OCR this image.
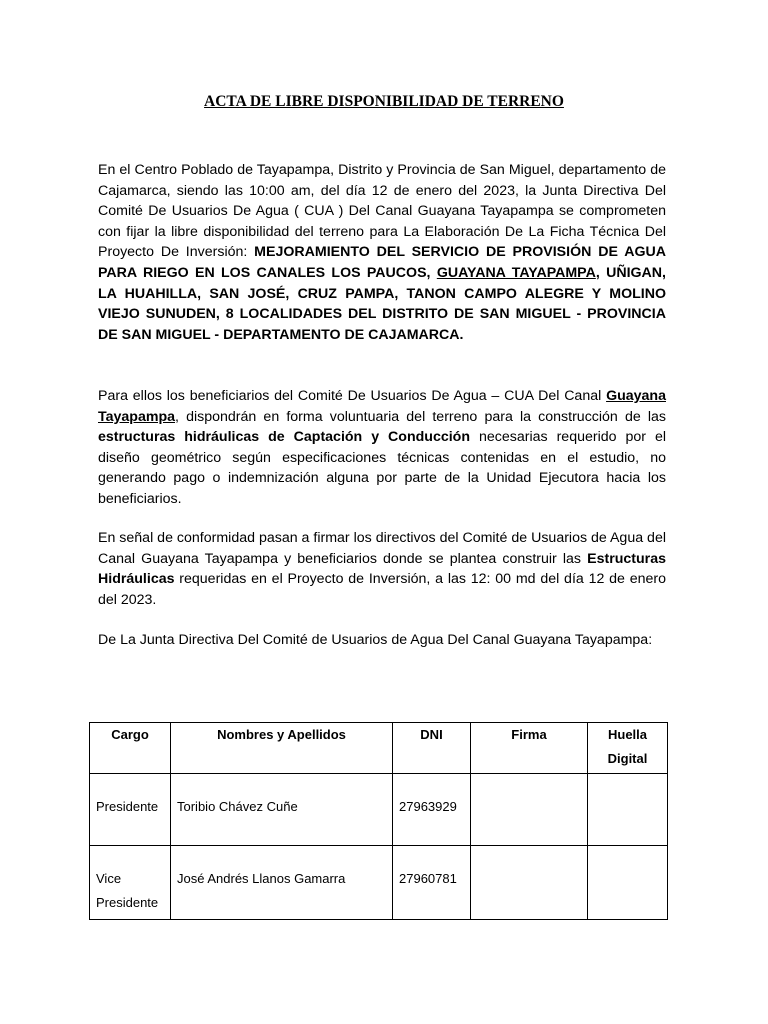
ACTA DE LIBRE DISPONIBILIDAD DE TERRENO

En el Centro Poblado de Tayapampa, Distrito y Provincia de San Miguel, departamento de Cajamarca, siendo las 10:00 am, del día 12 de enero del 2023, la Junta Directiva Del Comité De Usuarios De Agua ( CUA ) Del Canal Guayana Tayapampa se comprometen con fijar la libre disponibilidad del terreno para La Elaboración De La Ficha Técnica Del Proyecto De Inversión: MEJORAMIENTO DEL SERVICIO DE PROVISIÓN DE AGUA PARA RIEGO EN LOS CANALES LOS PAUCOS, GUAYANA TAYAPAMPA, UÑIGAN, LA HUAHILLA, SAN JOSÉ, CRUZ PAMPA, TANON CAMPO ALEGRE Y MOLINO VIEJO SUNUDEN, 8 LOCALIDADES DEL DISTRITO DE SAN MIGUEL - PROVINCIA DE SAN MIGUEL - DEPARTAMENTO DE CAJAMARCA.

Para ellos los beneficiarios del Comité De Usuarios De Agua – CUA Del Canal Guayana Tayapampa, dispondrán en forma voluntuaria del terreno para la construcción de las estructuras hidráulicas de Captación y Conducción necesarias requerido por el diseño geométrico según especificaciones técnicas contenidas en el estudio, no generando pago o indemnización alguna por parte de la Unidad Ejecutora hacia los beneficiarios.

En señal de conformidad pasan a firmar los directivos del Comité de Usuarios de Agua del Canal Guayana Tayapampa y beneficiarios donde se plantea construir las Estructuras Hidráulicas requeridas en el Proyecto de Inversión, a las 12: 00 md del día 12 de enero del 2023.

De La Junta Directiva Del Comité de Usuarios de Agua Del Canal Guayana Tayapampa:

Cargo	Nombres y Apellidos	DNI	Firma	Huella Digital
Presidente	Toribio Chávez Cuñe	27963929		
Vice Presidente	José Andrés Llanos Gamarra	27960781		
